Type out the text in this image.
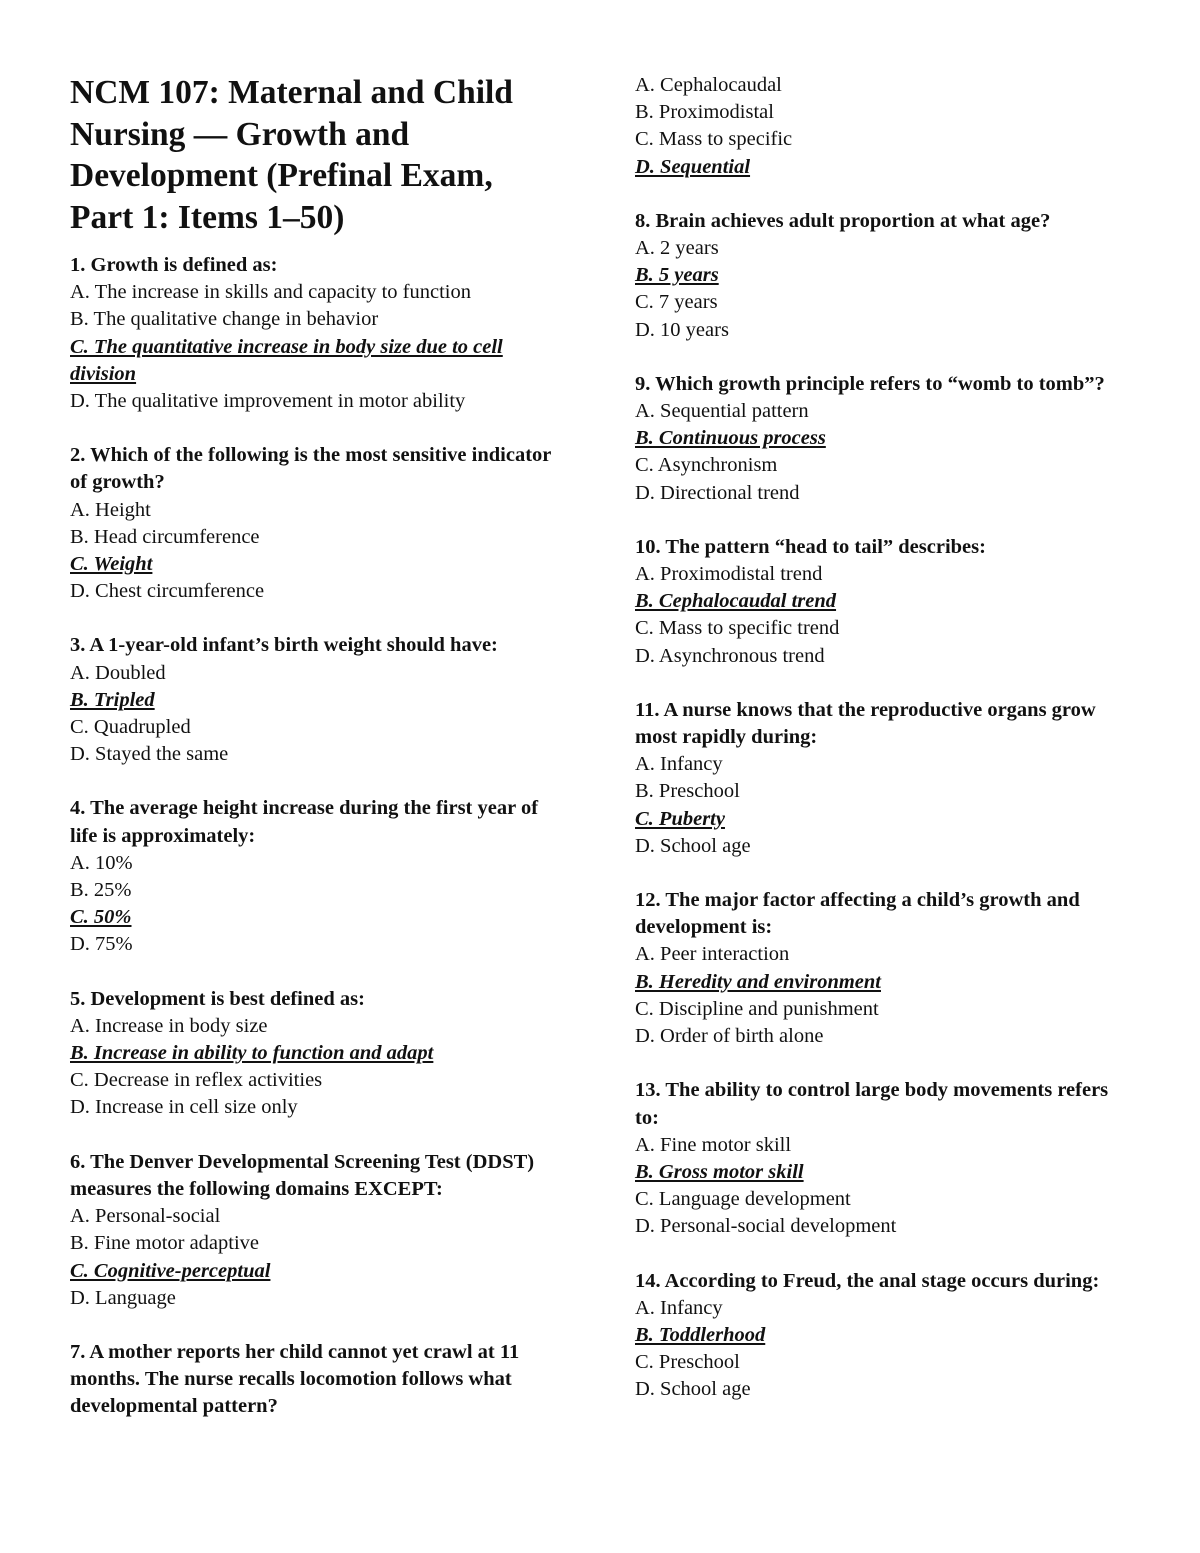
NCM 107: Maternal and Child Nursing — Growth and Development (Prefinal Exam, Part 1: Items 1–50)

1. Growth is defined as:

A. The increase in skills and capacity to function

B. The qualitative change in behavior

C. The quantitative increase in body size due to cell division

D. The qualitative improvement in motor ability

2. Which of the following is the most sensitive indicator of growth?

A. Height

B. Head circumference

C. Weight

D. Chest circumference

3. A 1-year-old infant’s birth weight should have:

A. Doubled

B. Tripled

C. Quadrupled

D. Stayed the same

4. The average height increase during the first year of life is approximately:

A. 10%

B. 25%

C. 50%

D. 75%

5. Development is best defined as:

A. Increase in body size

B. Increase in ability to function and adapt

C. Decrease in reflex activities

D. Increase in cell size only

6. The Denver Developmental Screening Test (DDST) measures the following domains EXCEPT:

A. Personal-social

B. Fine motor adaptive

C. Cognitive-perceptual

D. Language

7. A mother reports her child cannot yet crawl at 11 months. The nurse recalls locomotion follows what developmental pattern?

A. Cephalocaudal

B. Proximodistal

C. Mass to specific

D. Sequential

8. Brain achieves adult proportion at what age?

A. 2 years

B. 5 years

C. 7 years

D. 10 years

9. Which growth principle refers to “womb to tomb”?

A. Sequential pattern

B. Continuous process

C. Asynchronism

D. Directional trend

10. The pattern “head to tail” describes:

A. Proximodistal trend

B. Cephalocaudal trend

C. Mass to specific trend

D. Asynchronous trend

11. A nurse knows that the reproductive organs grow most rapidly during:

A. Infancy

B. Preschool

C. Puberty

D. School age

12. The major factor affecting a child’s growth and development is:

A. Peer interaction

B. Heredity and environment

C. Discipline and punishment

D. Order of birth alone

13. The ability to control large body movements refers to:

A. Fine motor skill

B. Gross motor skill

C. Language development

D. Personal-social development

14. According to Freud, the anal stage occurs during:

A. Infancy

B. Toddlerhood

C. Preschool

D. School age
